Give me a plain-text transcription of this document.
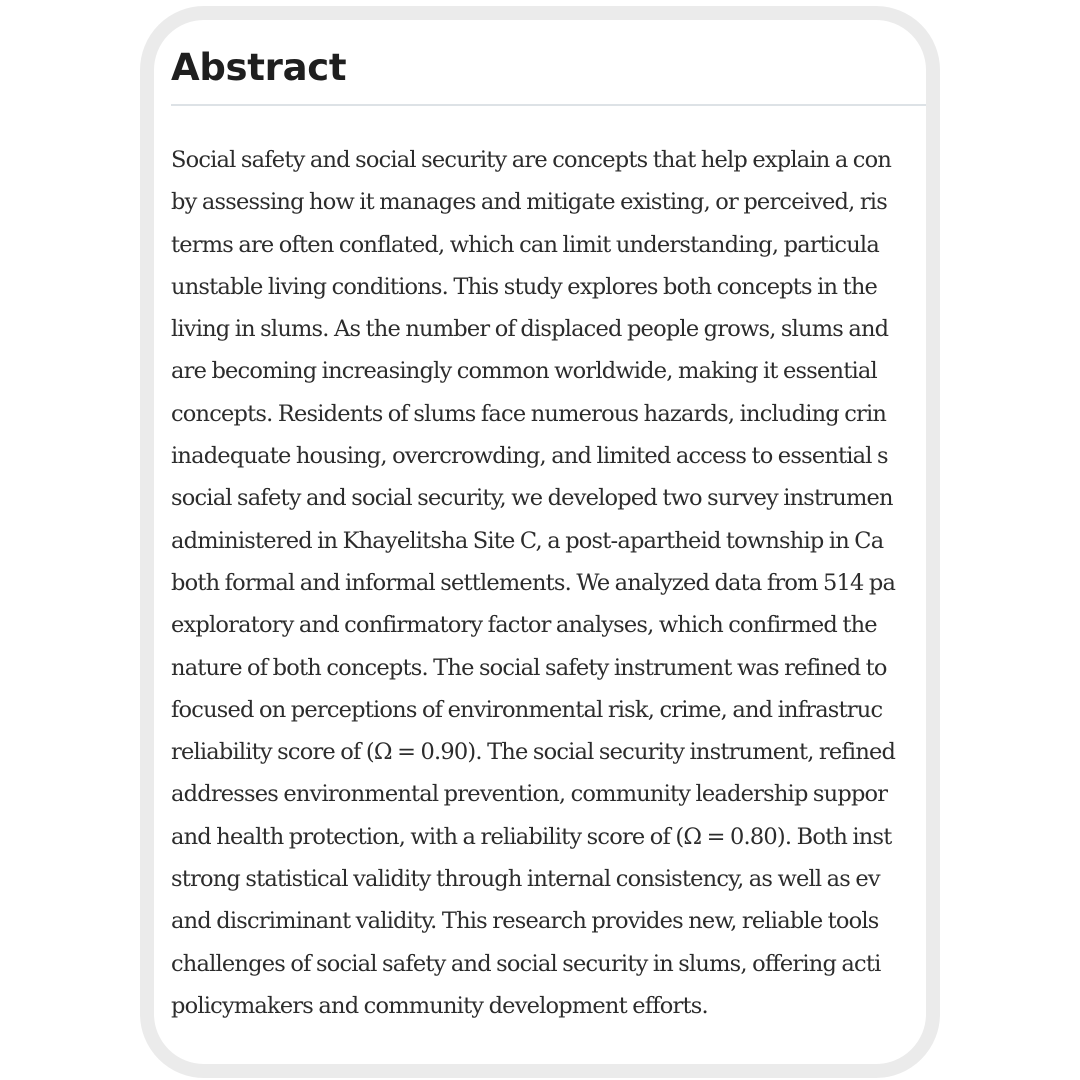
Abstract
Social safety and social security are concepts that help explain a con
by assessing how it manages and mitigate existing, or perceived, ris
terms are often conflated, which can limit understanding, particula
unstable living conditions. This study explores both concepts in the
living in slums. As the number of displaced people grows, slums and
are becoming increasingly common worldwide, making it essential
concepts. Residents of slums face numerous hazards, including crin
inadequate housing, overcrowding, and limited access to essential s
social safety and social security, we developed two survey instrumen
administered in Khayelitsha Site C, a post-apartheid township in Ca
both formal and informal settlements. We analyzed data from 514 pa
exploratory and confirmatory factor analyses, which confirmed the
nature of both concepts. The social safety instrument was refined to
focused on perceptions of environmental risk, crime, and infrastruc
reliability score of (Ω = 0.90). The social security instrument, refined
addresses environmental prevention, community leadership suppor
and health protection, with a reliability score of (Ω = 0.80). Both inst
strong statistical validity through internal consistency, as well as ev
and discriminant validity. This research provides new, reliable tools
challenges of social safety and social security in slums, offering acti
policymakers and community development efforts.
